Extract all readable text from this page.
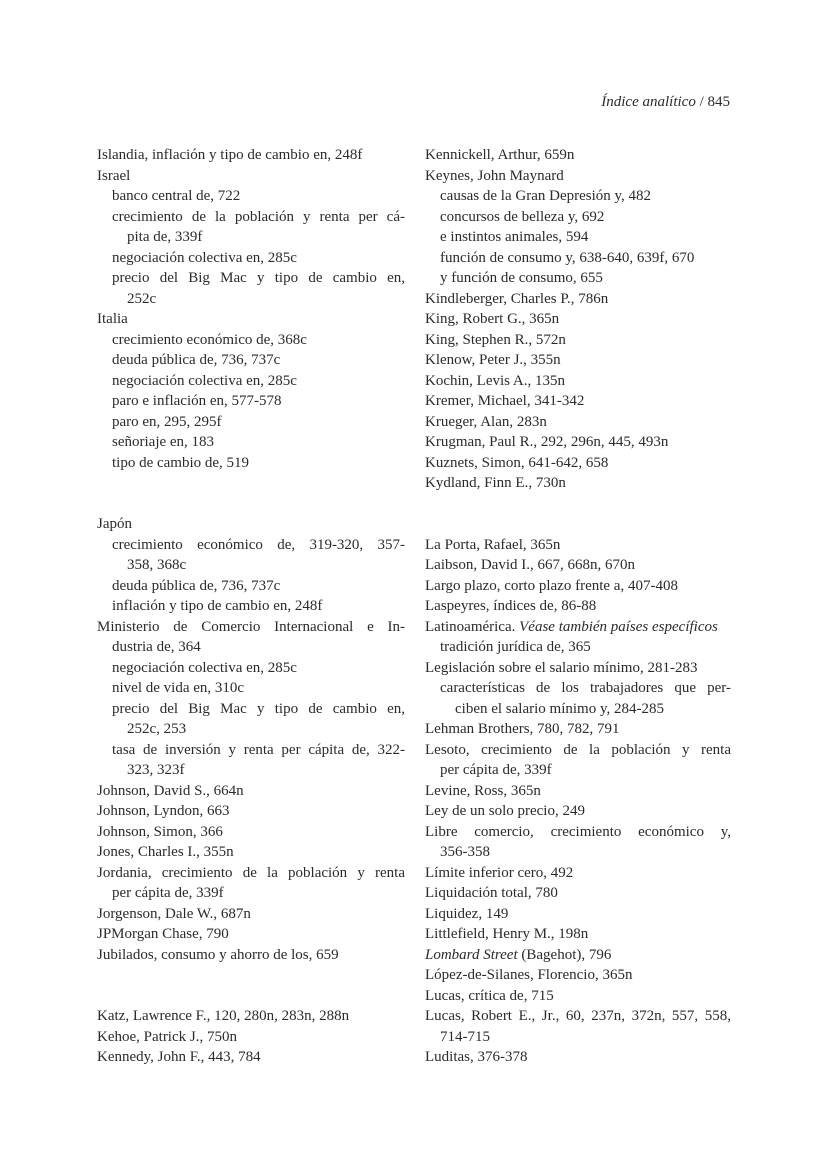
Índice analítico / 845
Islandia, inflación y tipo de cambio en, 248f
Israel
banco central de, 722
crecimiento de la población y renta per cá-
pita de, 339f
negociación colectiva en, 285c
precio del Big Mac y tipo de cambio en,
252c
Italia
crecimiento económico de, 368c
deuda pública de, 736, 737c
negociación colectiva en, 285c
paro e inflación en, 577-578
paro en, 295, 295f
señoriaje en, 183
tipo de cambio de, 519
Japón
crecimiento económico de, 319-320, 357-
358, 368c
deuda pública de, 736, 737c
inflación y tipo de cambio en, 248f
Ministerio de Comercio Internacional e In-
dustria de, 364
negociación colectiva en, 285c
nivel de vida en, 310c
precio del Big Mac y tipo de cambio en,
252c, 253
tasa de inversión y renta per cápita de, 322-
323, 323f
Johnson, David S., 664n
Johnson, Lyndon, 663
Johnson, Simon, 366
Jones, Charles I., 355n
Jordania, crecimiento de la población y renta
per cápita de, 339f
Jorgenson, Dale W., 687n
JPMorgan Chase, 790
Jubilados, consumo y ahorro de los, 659
Katz, Lawrence F., 120, 280n, 283n, 288n
Kehoe, Patrick J., 750n
Kennedy, John F., 443, 784
Kennickell, Arthur, 659n
Keynes, John Maynard
causas de la Gran Depresión y, 482
concursos de belleza y, 692
e instintos animales, 594
función de consumo y, 638-640, 639f, 670
y función de consumo, 655
Kindleberger, Charles P., 786n
King, Robert G., 365n
King, Stephen R., 572n
Klenow, Peter J., 355n
Kochin, Levis A., 135n
Kremer, Michael, 341-342
Krueger, Alan, 283n
Krugman, Paul R., 292, 296n, 445, 493n
Kuznets, Simon, 641-642, 658
Kydland, Finn E., 730n
La Porta, Rafael, 365n
Laibson, David I., 667, 668n, 670n
Largo plazo, corto plazo frente a, 407-408
Laspeyres, índices de, 86-88
Latinoamérica. Véase también países específicos
tradición jurídica de, 365
Legislación sobre el salario mínimo, 281-283
características de los trabajadores que per-
ciben el salario mínimo y, 284-285
Lehman Brothers, 780, 782, 791
Lesoto, crecimiento de la población y renta
per cápita de, 339f
Levine, Ross, 365n
Ley de un solo precio, 249
Libre comercio, crecimiento económico y,
356-358
Límite inferior cero, 492
Liquidación total, 780
Liquidez, 149
Littlefield, Henry M., 198n
Lombard Street (Bagehot), 796
López-de-Silanes, Florencio, 365n
Lucas, crítica de, 715
Lucas, Robert E., Jr., 60, 237n, 372n, 557, 558,
714-715
Luditas, 376-378
